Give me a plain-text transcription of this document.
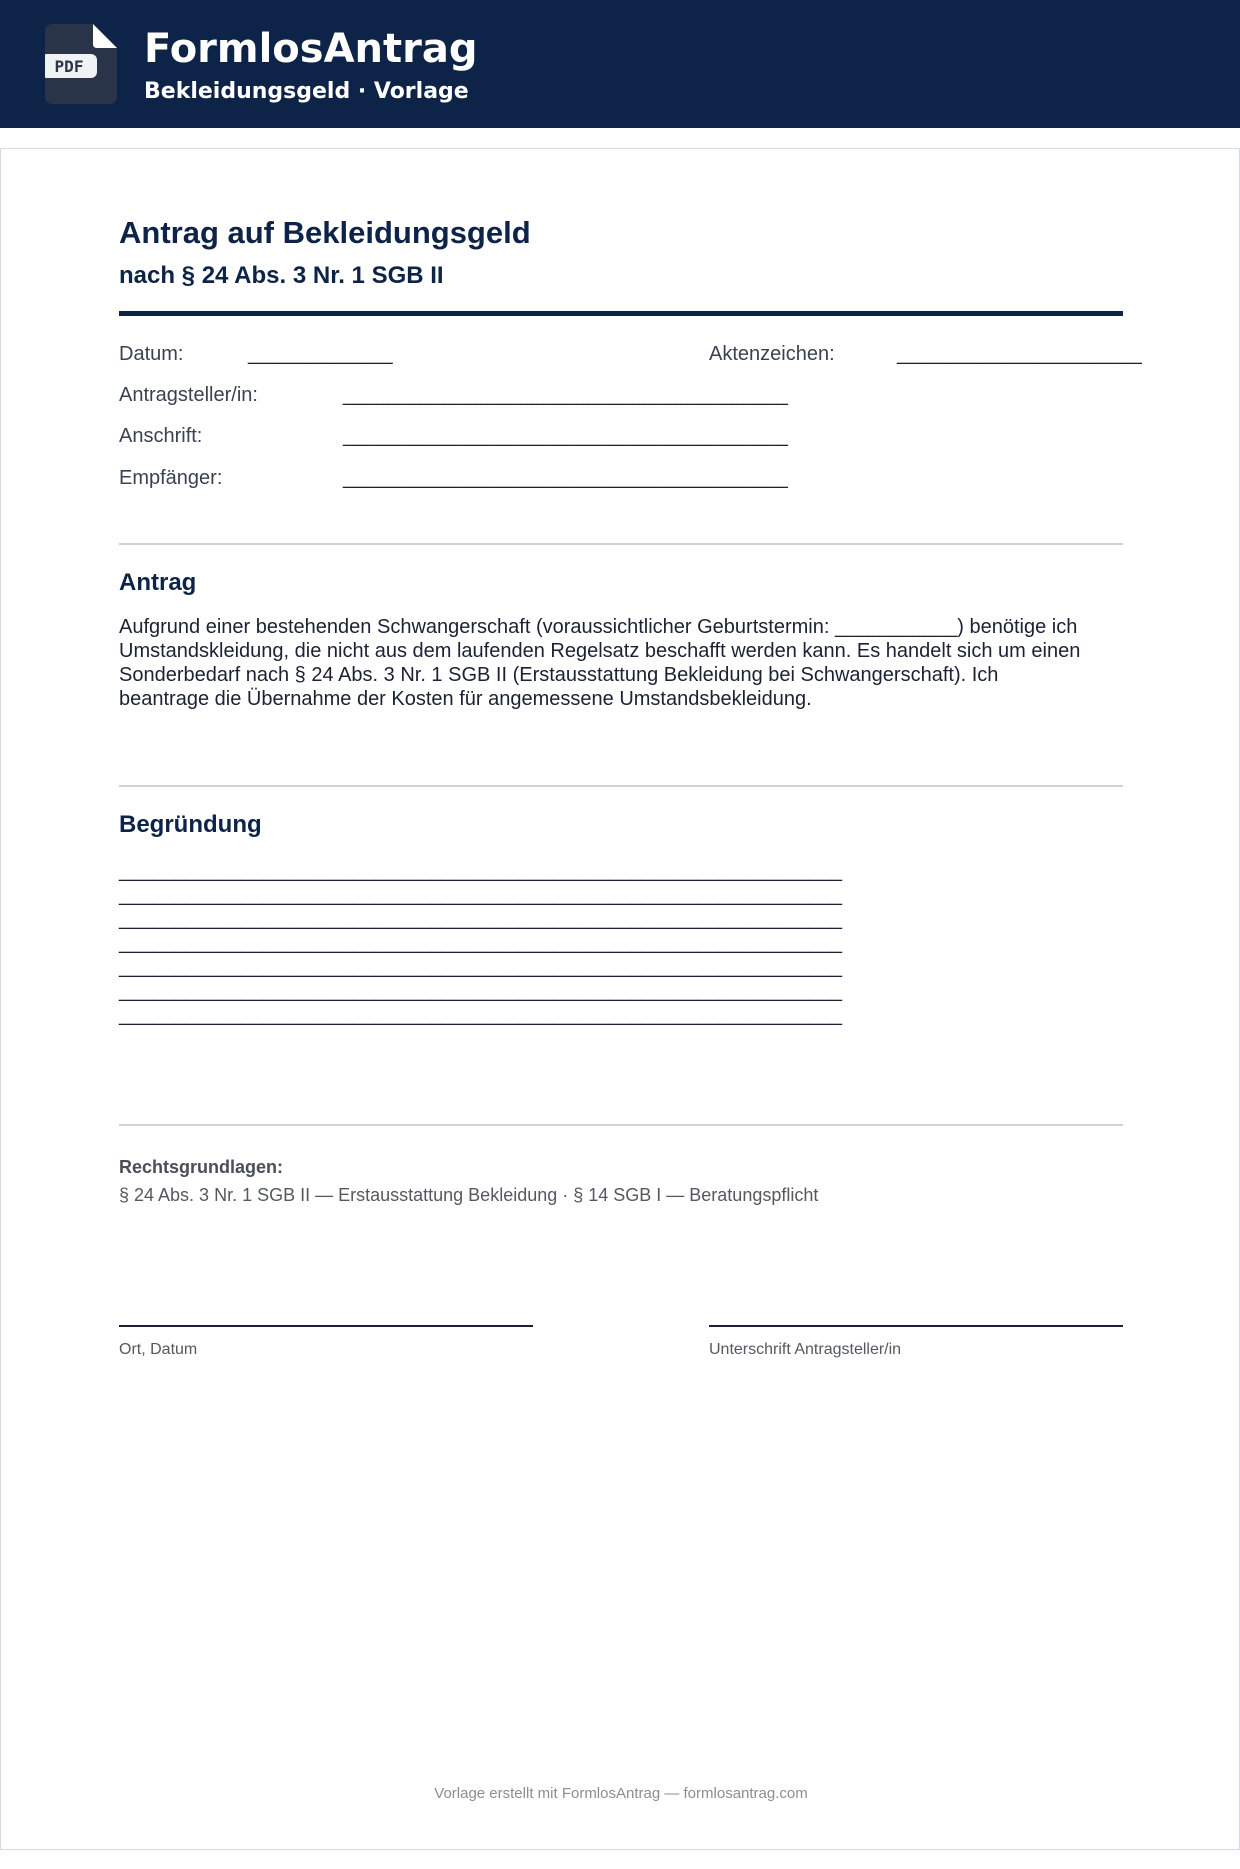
PDF FormlosAntrag
Bekleidungsgeld · Vorlage
Antrag auf Bekleidungsgeld
nach § 24 Abs. 3 Nr. 1 SGB II
Datum:	_____________	Aktenzeichen:	______________________
Antragsteller/in:	________________________________________
Anschrift:	________________________________________
Empfänger:	________________________________________
Antrag

Aufgrund einer bestehenden Schwangerschaft (voraussichtlicher Geburtstermin: ___________) benötige ich

Umstandskleidung, die nicht aus dem laufenden Regelsatz beschafft werden kann. Es handelt sich um einen

Sonderbedarf nach § 24 Abs. 3 Nr. 1 SGB II (Erstausstattung Bekleidung bei Schwangerschaft). Ich

beantrage die Übernahme der Kosten für angemessene Umstandsbekleidung.

Begründung
_________________________________________________________________
_________________________________________________________________
_________________________________________________________________
_________________________________________________________________
_________________________________________________________________
_________________________________________________________________
_________________________________________________________________
Rechtsgrundlagen:
§ 24 Abs. 3 Nr. 1 SGB II — Erstausstattung Bekleidung · § 14 SGB I — Beratungspflicht
Ort, Datum	Unterschrift Antragsteller/in
Vorlage erstellt mit FormlosAntrag — formlosantrag.com
